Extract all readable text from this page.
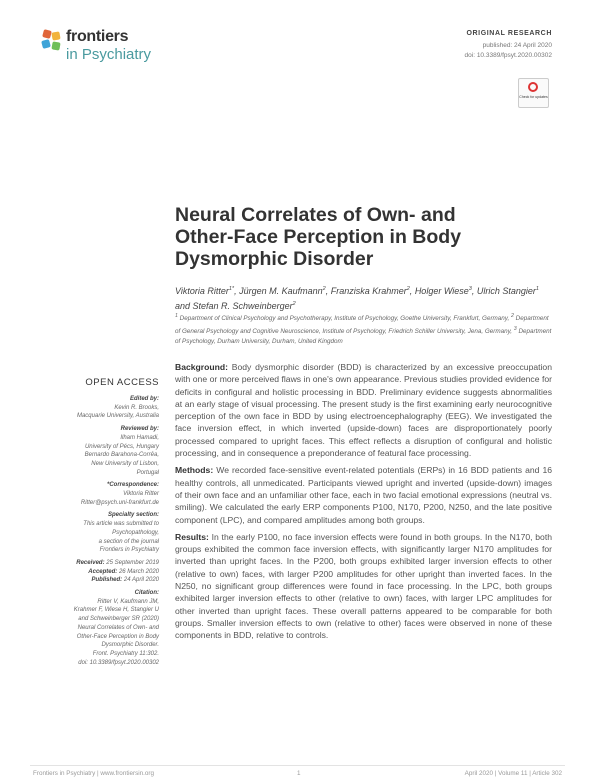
frontiers
in Psychiatry
ORIGINAL RESEARCH
published: 24 April 2020
doi: 10.3389/fpsyt.2020.00302
Check for updates
Neural Correlates of Own- and Other-Face Perception in Body Dysmorphic Disorder
Viktoria Ritter$^{1*}$, Jürgen M. Kaufmann$^2$, Franziska Krahmer$^2$, Holger Wiese$^3$, Ulrich Stangier$^1$ and Stefan R. Schweinberger$^2$
$^1$ Department of Clinical Psychology and Psychotherapy, Institute of Psychology, Goethe University, Frankfurt, Germany, $^2$ Department of General Psychology and Cognitive Neuroscience, Institute of Psychology, Friedrich Schiller University, Jena, Germany, $^3$ Department of Psychology, Durham University, Durham, United Kingdom
OPEN ACCESS
Edited by:
Kevin R. Brooks,
Macquarie University, Australia
Reviewed by:
Ilham Hamadi,
University of Pécs, Hungary
Bernardo Barahona-Corrêa,
New University of Lisbon,
Portugal
*Correspondence:
Viktoria Ritter
Ritter@psych.uni-frankfurt.de
Specialty section:
This article was submitted to
Psychopathology,
a section of the journal
Frontiers in Psychiatry
Received: 25 September 2019
Accepted: 26 March 2020
Published: 24 April 2020
Citation:
Ritter V, Kaufmann JM,
Krahmer F, Wiese H, Stangier U
and Schweinberger SR (2020)
Neural Correlates of Own- and
Other-Face Perception in Body
Dysmorphic Disorder.
Front. Psychiatry 11:302.
doi: 10.3389/fpsyt.2020.00302

Background: Body dysmorphic disorder (BDD) is characterized by an excessive preoccupation with one or more perceived flaws in one's own appearance. Previous studies provided evidence for deficits in configural and holistic processing in BDD. Preliminary evidence suggests abnormalities at an early stage of visual processing. The present study is the first examining early neurocognitive perception of the own face in BDD by using electroencephalography (EEG). We investigated the face inversion effect, in which inverted (upside-down) faces are disproportionately poorly processed compared to upright faces. This effect reflects a disruption of configural and holistic processing, and in consequence a preponderance of featural face processing.

Methods: We recorded face-sensitive event-related potentials (ERPs) in 16 BDD patients and 16 healthy controls, all unmedicated. Participants viewed upright and inverted (upside-down) images of their own face and an unfamiliar other face, each in two facial emotional expressions (neutral vs. smiling). We calculated the early ERP components P100, N170, P200, N250, and the late positive component (LPC), and compared amplitudes among both groups.

Results: In the early P100, no face inversion effects were found in both groups. In the N170, both groups exhibited the common face inversion effects, with significantly larger N170 amplitudes for inverted than upright faces. In the P200, both groups exhibited larger inversion effects to other (relative to own) faces, with larger P200 amplitudes for other upright than inverted faces. In the N250, no significant group differences were found in face processing. In the LPC, both groups exhibited larger inversion effects to other (relative to own) faces, with larger LPC amplitudes for other inverted than upright faces. These overall patterns appeared to be comparable for both groups. Smaller inversion effects to own (relative to other) faces were observed in none of these components in BDD, relative to controls.

Frontiers in Psychiatry | www.frontiersin.org	1	April 2020 | Volume 11 | Article 302
